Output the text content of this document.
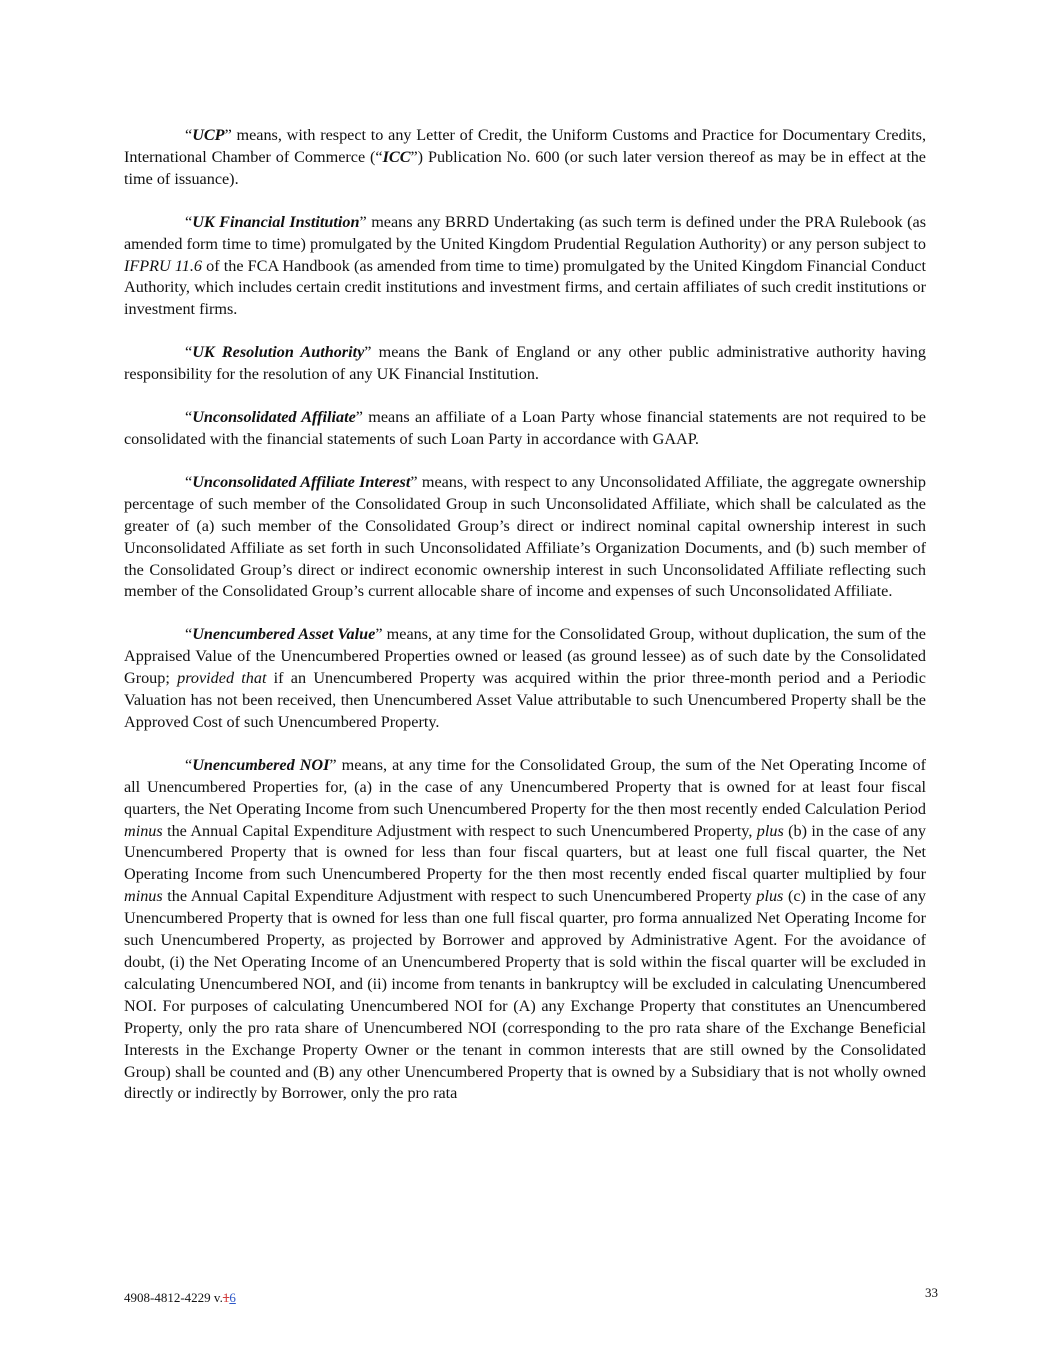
“UCP” means, with respect to any Letter of Credit, the Uniform Customs and Practice for Documentary Credits, International Chamber of Commerce (“ICC”) Publication No. 600 (or such later version thereof as may be in effect at the time of issuance).

“UK Financial Institution” means any BRRD Undertaking (as such term is defined under the PRA Rulebook (as amended form time to time) promulgated by the United Kingdom Prudential Regulation Authority) or any person subject to IFPRU 11.6 of the FCA Handbook (as amended from time to time) promulgated by the United Kingdom Financial Conduct Authority, which includes certain credit institutions and investment firms, and certain affiliates of such credit institutions or investment firms.

“UK Resolution Authority” means the Bank of England or any other public administrative authority having responsibility for the resolution of any UK Financial Institution.

“Unconsolidated Affiliate” means an affiliate of a Loan Party whose financial statements are not required to be consolidated with the financial statements of such Loan Party in accordance with GAAP.

“Unconsolidated Affiliate Interest” means, with respect to any Unconsolidated Affiliate, the aggregate ownership percentage of such member of the Consolidated Group in such Unconsolidated Affiliate, which shall be calculated as the greater of (a) such member of the Consolidated Group’s direct or indirect nominal capital ownership interest in such Unconsolidated Affiliate as set forth in such Unconsolidated Affiliate’s Organization Documents, and (b) such member of the Consolidated Group’s direct or indirect economic ownership interest in such Unconsolidated Affiliate reflecting such member of the Consolidated Group’s current allocable share of income and expenses of such Unconsolidated Affiliate.

“Unencumbered Asset Value” means, at any time for the Consolidated Group, without duplication, the sum of the Appraised Value of the Unencumbered Properties owned or leased (as ground lessee) as of such date by the Consolidated Group; provided that if an Unencumbered Property was acquired within the prior three-month period and a Periodic Valuation has not been received, then Unencumbered Asset Value attributable to such Unencumbered Property shall be the Approved Cost of such Unencumbered Property.

“Unencumbered NOI” means, at any time for the Consolidated Group, the sum of the Net Operating Income of all Unencumbered Properties for, (a) in the case of any Unencumbered Property that is owned for at least four fiscal quarters, the Net Operating Income from such Unencumbered Property for the then most recently ended Calculation Period minus the Annual Capital Expenditure Adjustment with respect to such Unencumbered Property, plus (b) in the case of any Unencumbered Property that is owned for less than four fiscal quarters, but at least one full fiscal quarter, the Net Operating Income from such Unencumbered Property for the then most recently ended fiscal quarter multiplied by four minus the Annual Capital Expenditure Adjustment with respect to such Unencumbered Property plus (c) in the case of any Unencumbered Property that is owned for less than one full fiscal quarter, pro forma annualized Net Operating Income for such Unencumbered Property, as projected by Borrower and approved by Administrative Agent. For the avoidance of doubt, (i) the Net Operating Income of an Unencumbered Property that is sold within the fiscal quarter will be excluded in calculating Unencumbered NOI, and (ii) income from tenants in bankruptcy will be excluded in calculating Unencumbered NOI. For purposes of calculating Unencumbered NOI for (A) any Exchange Property that constitutes an Unencumbered Property, only the pro rata share of Unencumbered NOI (corresponding to the pro rata share of the Exchange Beneficial Interests in the Exchange Property Owner or the tenant in common interests that are still owned by the Consolidated Group) shall be counted and (B) any other Unencumbered Property that is owned by a Subsidiary that is not wholly owned directly or indirectly by Borrower, only the pro rata

4908-4812-4229 v.16	33
